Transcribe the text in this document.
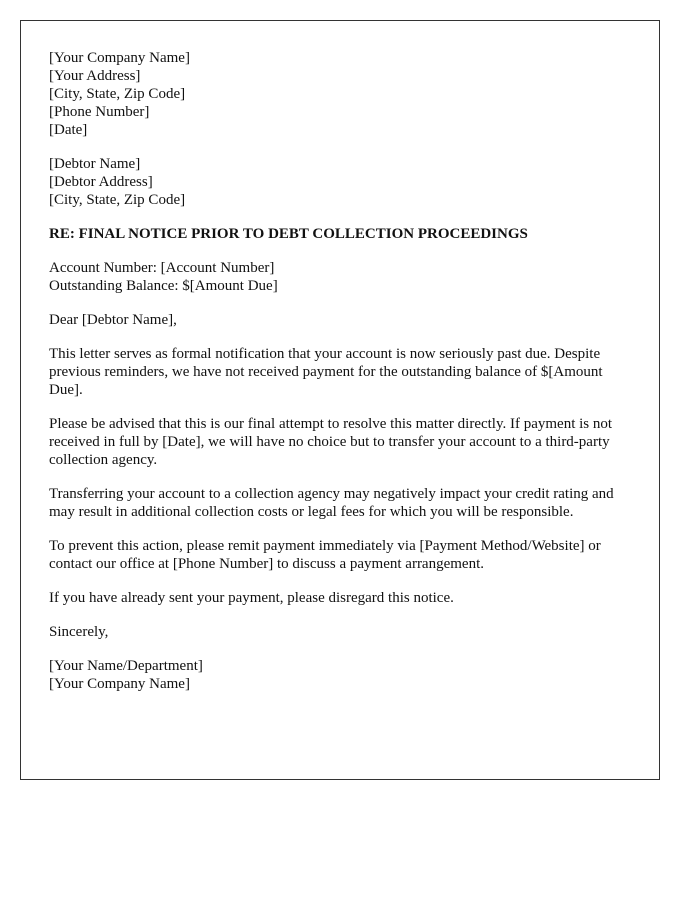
[Your Company Name]
[Your Address]
[City, State, Zip Code]
[Phone Number]
[Date]
[Debtor Name]
[Debtor Address]
[City, State, Zip Code]
RE: FINAL NOTICE PRIOR TO DEBT COLLECTION PROCEEDINGS
Account Number: [Account Number]
Outstanding Balance: $[Amount Due]
Dear [Debtor Name],
This letter serves as formal notification that your account is now seriously past due. Despite previous reminders, we have not received payment for the outstanding balance of $[Amount Due].
Please be advised that this is our final attempt to resolve this matter directly. If payment is not received in full by [Date], we will have no choice but to transfer your account to a third-party collection agency.
Transferring your account to a collection agency may negatively impact your credit rating and may result in additional collection costs or legal fees for which you will be responsible.
To prevent this action, please remit payment immediately via [Payment Method/Website] or contact our office at [Phone Number] to discuss a payment arrangement.
If you have already sent your payment, please disregard this notice.
Sincerely,
[Your Name/Department]
[Your Company Name]
